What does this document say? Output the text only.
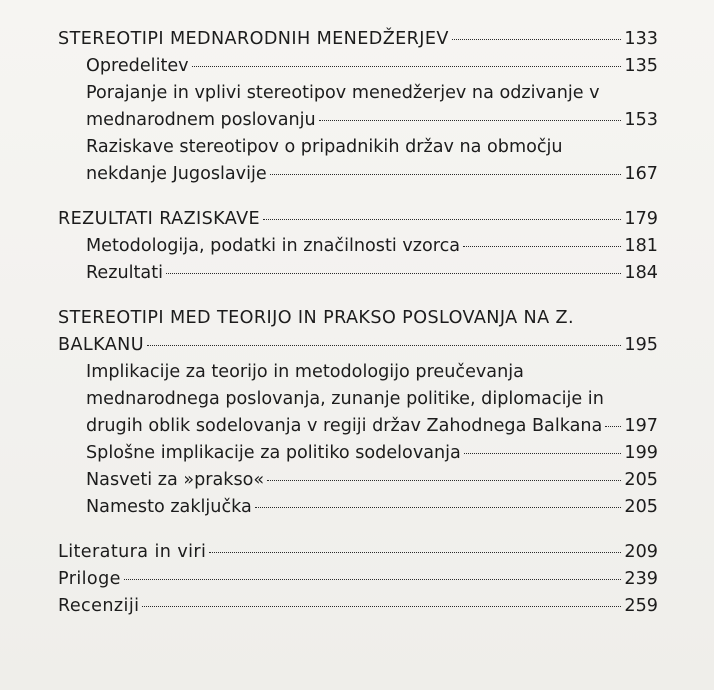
STEREOTIPI MEDNARODNIH MENEDŽERJEV	133
Opredelitev	135
Porajanje in vplivi stereotipov menedžerjev na odzivanje v
mednarodnem poslovanju	153
Raziskave stereotipov o pripadnikih držav na območju
nekdanje Jugoslavije	167
REZULTATI RAZISKAVE	179
Metodologija, podatki in značilnosti vzorca	181
Rezultati	184
STEREOTIPI MED TEORIJO IN PRAKSO POSLOVANJA NA Z.
BALKANU	195
Implikacije za teorijo in metodologijo preučevanja
mednarodnega poslovanja, zunanje politike, diplomacije in
drugih oblik sodelovanja v regiji držav Zahodnega Balkana 197
Splošne implikacije za politiko sodelovanja	199
Nasveti za »prakso«	205
Namesto zaključka	205
Literatura in viri	209
Priloge	239
Recenziji	259
